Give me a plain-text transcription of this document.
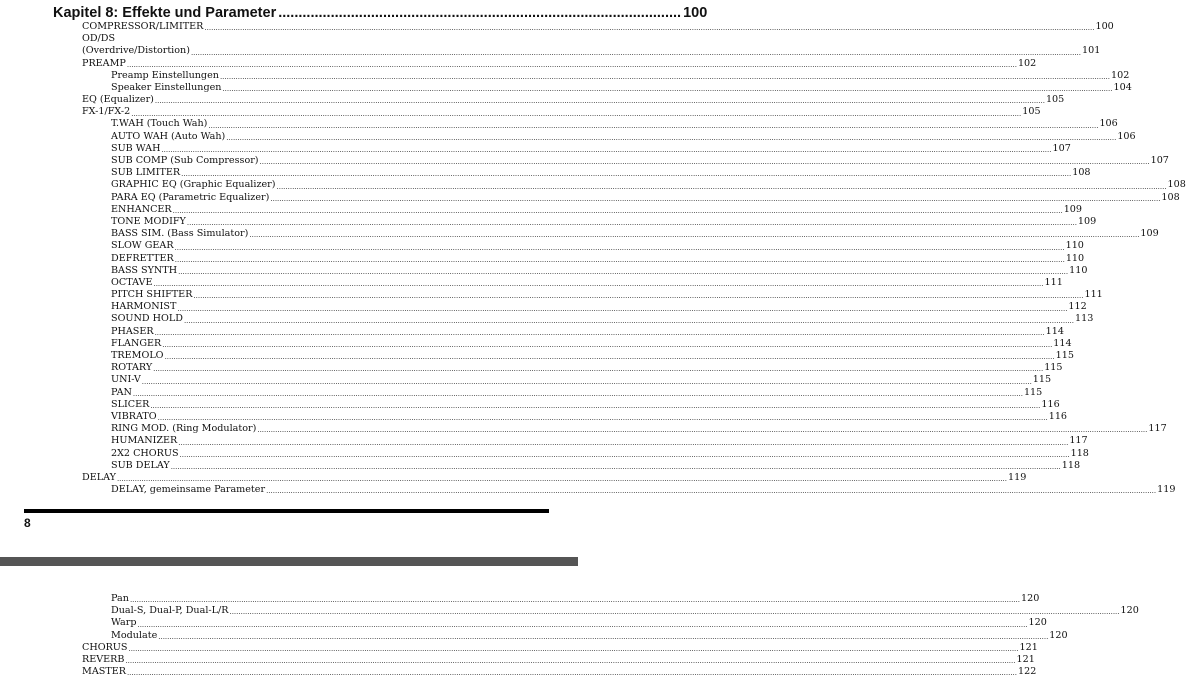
Kapitel 8: Effekte und Parameter .................................................................................................... 100
COMPRESSOR/LIMITER ................................................................................................................................................................................................................................................................................................................................................................................................................ 100
OD/DS
(Overdrive/Distortion) ................................................................................................................................................................................................................................................................................................................................................................................................................ 101
PREAMP ................................................................................................................................................................................................................................................................................................................................................................................................................ 102
Preamp Einstellungen ................................................................................................................................................................................................................................................................................................................................................................................................................ 102
Speaker Einstellungen ................................................................................................................................................................................................................................................................................................................................................................................................................ 104
EQ (Equalizer) ................................................................................................................................................................................................................................................................................................................................................................................................................ 105
FX-1/FX-2 ................................................................................................................................................................................................................................................................................................................................................................................................................ 105
T.WAH (Touch Wah) ................................................................................................................................................................................................................................................................................................................................................................................................................ 106
AUTO WAH (Auto Wah) ................................................................................................................................................................................................................................................................................................................................................................................................................ 106
SUB WAH ................................................................................................................................................................................................................................................................................................................................................................................................................ 107
SUB COMP (Sub Compressor) ................................................................................................................................................................................................................................................................................................................................................................................................................ 107
SUB LIMITER ................................................................................................................................................................................................................................................................................................................................................................................................................ 108
GRAPHIC EQ (Graphic Equalizer) ................................................................................................................................................................................................................................................................................................................................................................................................................ 108
PARA EQ (Parametric Equalizer) ................................................................................................................................................................................................................................................................................................................................................................................................................ 108
ENHANCER ................................................................................................................................................................................................................................................................................................................................................................................................................ 109
TONE MODIFY ................................................................................................................................................................................................................................................................................................................................................................................................................ 109
BASS SIM. (Bass Simulator) ................................................................................................................................................................................................................................................................................................................................................................................................................ 109
SLOW GEAR ................................................................................................................................................................................................................................................................................................................................................................................................................ 110
DEFRETTER ................................................................................................................................................................................................................................................................................................................................................................................................................ 110
BASS SYNTH ................................................................................................................................................................................................................................................................................................................................................................................................................ 110
OCTAVE ................................................................................................................................................................................................................................................................................................................................................................................................................ 111
PITCH SHIFTER ................................................................................................................................................................................................................................................................................................................................................................................................................ 111
HARMONIST ................................................................................................................................................................................................................................................................................................................................................................................................................ 112
SOUND HOLD ................................................................................................................................................................................................................................................................................................................................................................................................................ 113
PHASER ................................................................................................................................................................................................................................................................................................................................................................................................................ 114
FLANGER ................................................................................................................................................................................................................................................................................................................................................................................................................ 114
TREMOLO ................................................................................................................................................................................................................................................................................................................................................................................................................ 115
ROTARY ................................................................................................................................................................................................................................................................................................................................................................................................................ 115
UNI-V ................................................................................................................................................................................................................................................................................................................................................................................................................ 115
PAN ................................................................................................................................................................................................................................................................................................................................................................................................................ 115
SLICER ................................................................................................................................................................................................................................................................................................................................................................................................................ 116
VIBRATO ................................................................................................................................................................................................................................................................................................................................................................................................................ 116
RING MOD. (Ring Modulator) ................................................................................................................................................................................................................................................................................................................................................................................................................ 117
HUMANIZER ................................................................................................................................................................................................................................................................................................................................................................................................................ 117
2X2 CHORUS ................................................................................................................................................................................................................................................................................................................................................................................................................ 118
SUB DELAY ................................................................................................................................................................................................................................................................................................................................................................................................................ 118
DELAY ................................................................................................................................................................................................................................................................................................................................................................................................................ 119
DELAY, gemeinsame Parameter ................................................................................................................................................................................................................................................................................................................................................................................................................ 119
8
Pan ................................................................................................................................................................................................................................................................................................................................................................................................................ 120
Dual-S, Dual-P, Dual-L/R ................................................................................................................................................................................................................................................................................................................................................................................................................ 120
Warp ................................................................................................................................................................................................................................................................................................................................................................................................................ 120
Modulate ................................................................................................................................................................................................................................................................................................................................................................................................................ 120
CHORUS ................................................................................................................................................................................................................................................................................................................................................................................................................ 121
REVERB ................................................................................................................................................................................................................................................................................................................................................................................................................ 121
MASTER ................................................................................................................................................................................................................................................................................................................................................................................................................ 122
